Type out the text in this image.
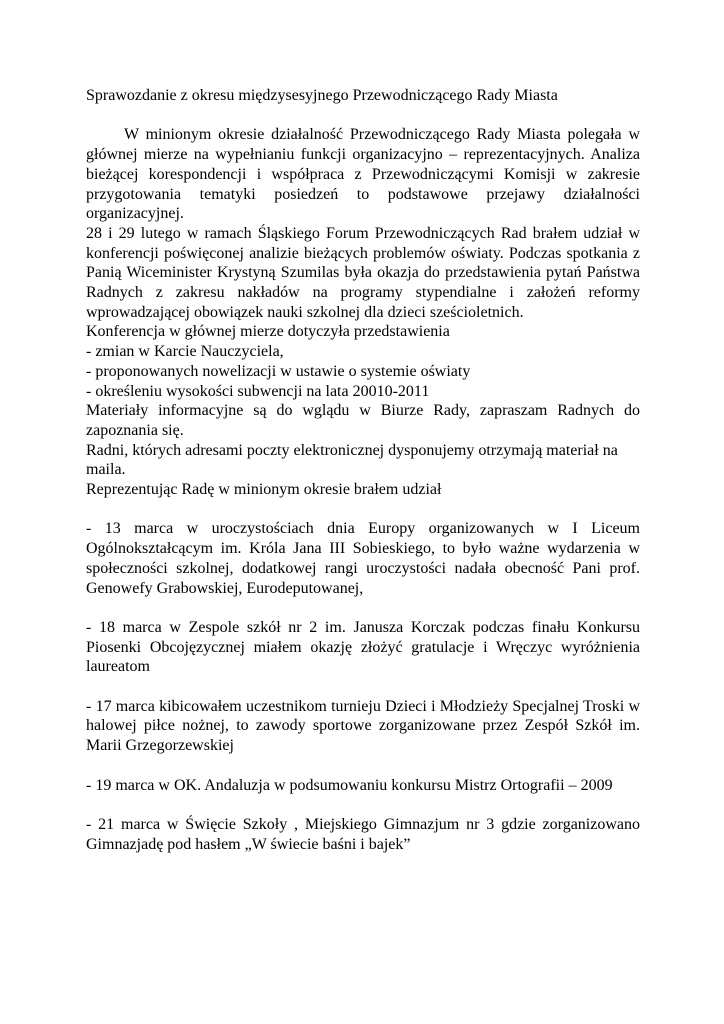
Sprawozdanie z okresu międzysesyjnego Przewodniczącego Rady Miasta

W minionym okresie działalność Przewodniczącego Rady Miasta polegała w głównej mierze na wypełnianiu funkcji organizacyjno – reprezentacyjnych. Analiza bieżącej korespondencji i współpraca z Przewodniczącymi Komisji w zakresie przygotowania tematyki posiedzeń to podstawowe przejawy działalności organizacyjnej.

28 i 29 lutego w ramach Śląskiego Forum Przewodniczących Rad brałem udział w konferencji poświęconej analizie bieżących problemów oświaty. Podczas spotkania z Panią Wiceminister Krystyną Szumilas była okazja do przedstawienia pytań Państwa Radnych z zakresu nakładów na programy stypendialne i założeń reformy wprowadzającej obowiązek nauki szkolnej dla dzieci sześcioletnich.

Konferencja w głównej mierze dotyczyła przedstawienia

- zmian w Karcie Nauczyciela,

- proponowanych nowelizacji w ustawie o systemie oświaty

- określeniu wysokości subwencji na lata 20010-2011

Materiały informacyjne są do wglądu w Biurze Rady, zapraszam Radnych do zapoznania się.

Radni, których adresami poczty elektronicznej dysponujemy otrzymają materiał na maila.

Reprezentując Radę w minionym okresie brałem udział

- 13 marca w uroczystościach dnia Europy organizowanych w I Liceum Ogólnokształcącym im. Króla Jana III Sobieskiego, to było ważne wydarzenia w społeczności szkolnej, dodatkowej rangi uroczystości nadała obecność Pani prof. Genowefy Grabowskiej, Eurodeputowanej,

- 18 marca w Zespole szkół nr 2 im. Janusza Korczak podczas finału Konkursu Piosenki Obcojęzycznej miałem okazję złożyć gratulacje i Wręczyc wyróżnienia laureatom

- 17 marca kibicowałem uczestnikom turnieju Dzieci i Młodzieży Specjalnej Troski w halowej piłce nożnej, to zawody sportowe zorganizowane przez Zespół Szkół im. Marii Grzegorzewskiej

- 19 marca w OK. Andaluzja w podsumowaniu konkursu Mistrz Ortografii – 2009

- 21 marca w Święcie Szkoły , Miejskiego Gimnazjum nr 3 gdzie zorganizowano Gimnazjadę pod hasłem „W świecie baśni i bajek”
